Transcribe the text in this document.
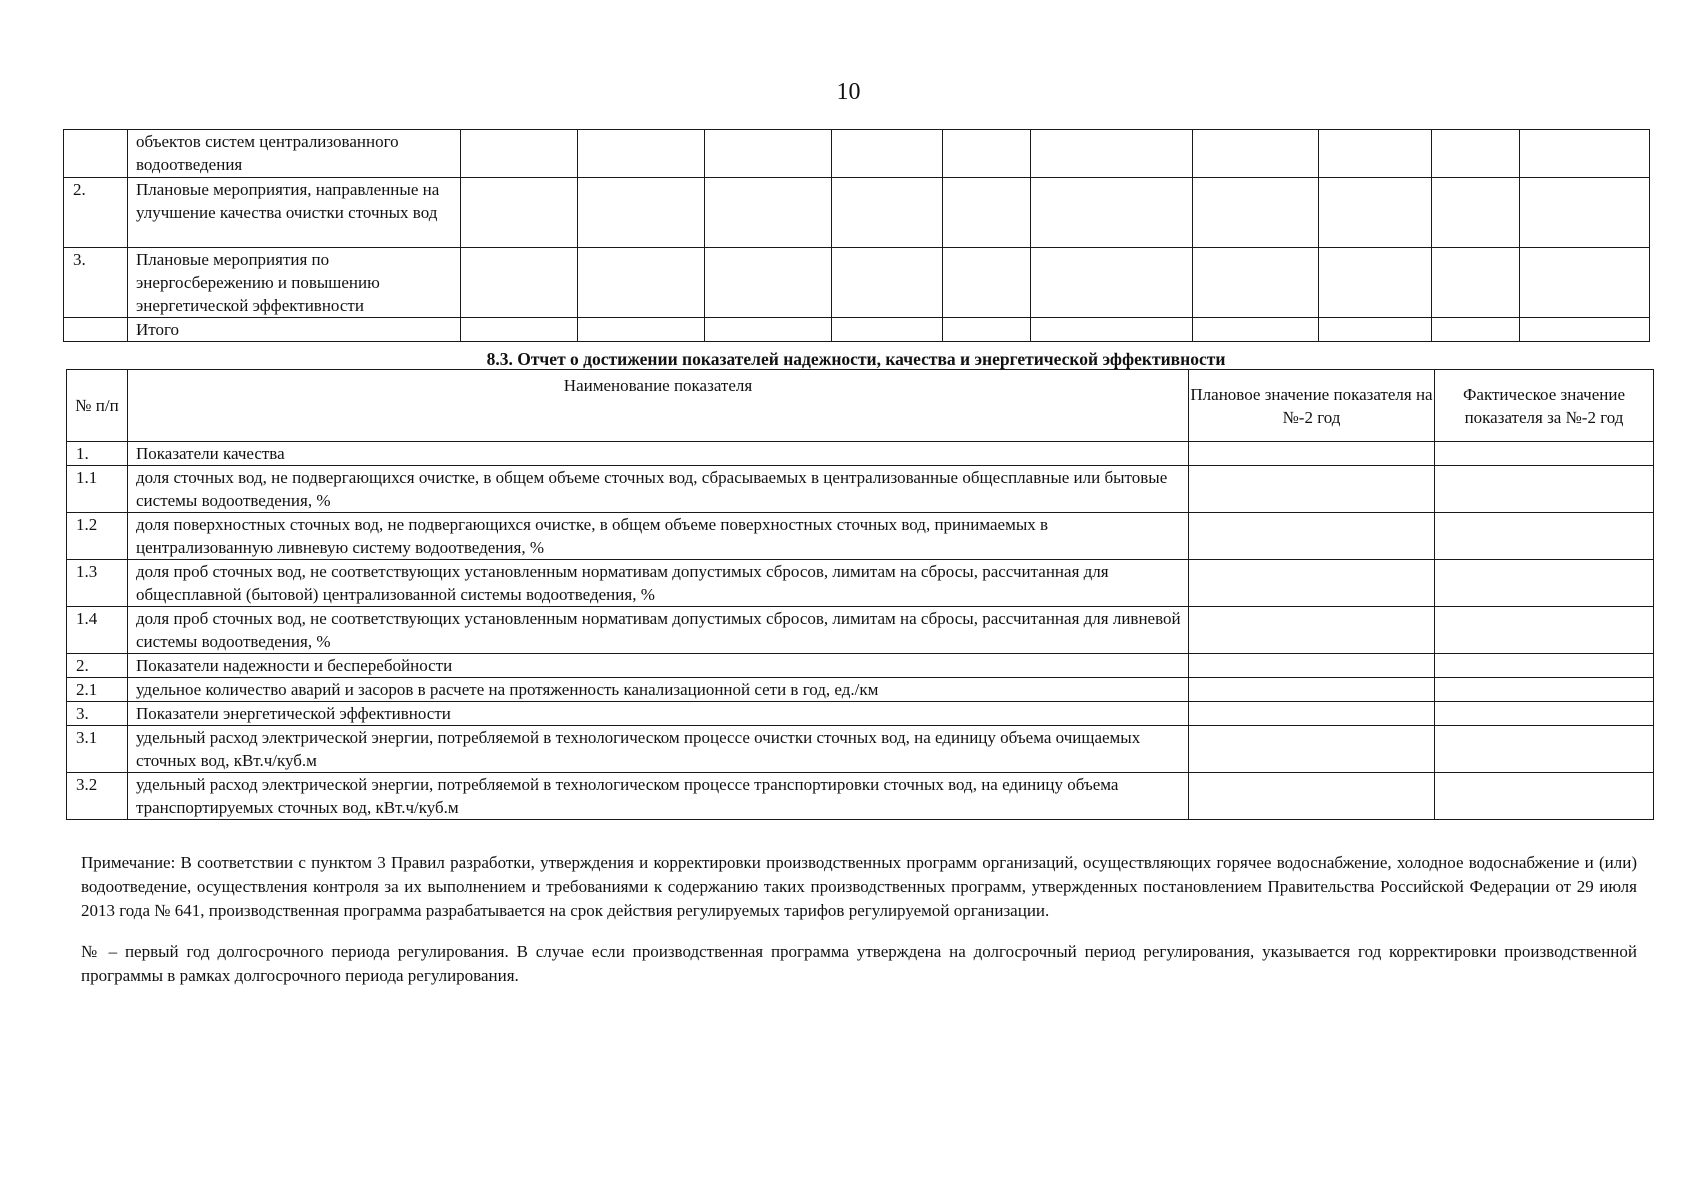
10
	объектов систем централизованного водоотведения										
2.	Плановые мероприятия, направленные на улучшение качества очистки сточных вод										
3.	Плановые мероприятия по энергосбережению и повышению энергетической эффективности										
	Итого										
8.3. Отчет о достижении показателей надежности, качества и энергетической эффективности
№ п/п	Наименование показателя	Плановое значение показателя на №-2 год	Фактическое значение показателя за №-2 год
1.	Показатели качества		
1.1	доля сточных вод, не подвергающихся очистке, в общем объеме сточных вод, сбрасываемых в централизованные общесплавные или бытовые системы водоотведения, %		
1.2	доля поверхностных сточных вод, не подвергающихся очистке, в общем объеме поверхностных сточных вод, принимаемых в централизованную ливневую систему водоотведения, %		
1.3	доля проб сточных вод, не соответствующих установленным нормативам допустимых сбросов, лимитам на сбросы, рассчитанная для общесплавной (бытовой) централизованной системы водоотведения, %		
1.4	доля проб сточных вод, не соответствующих установленным нормативам допустимых сбросов, лимитам на сбросы, рассчитанная для ливневой системы водоотведения, %		
2.	Показатели надежности и бесперебойности		
2.1	удельное количество аварий и засоров в расчете на протяженность канализационной сети в год, ед./км		
3.	Показатели энергетической эффективности		
3.1	удельный расход электрической энергии, потребляемой в технологическом процессе очистки сточных вод, на единицу объема очищаемых сточных вод, кВт.ч/куб.м		
3.2	удельный расход электрической энергии, потребляемой в технологическом процессе транспортировки сточных вод, на единицу объема транспортируемых сточных вод, кВт.ч/куб.м		

Примечание: В соответствии с пунктом 3 Правил разработки, утверждения и корректировки производственных программ организаций, осуществляющих горячее водоснабжение, холодное водоснабжение и (или) водоотведение, осуществления контроля за их выполнением и требованиями к содержанию таких производственных программ, утвержденных постановлением Правительства Российской Федерации от 29 июля 2013 года № 641, производственная программа разрабатывается на срок действия регулируемых тарифов регулируемой организации.

№ – первый год долгосрочного периода регулирования. В случае если производственная программа утверждена на долгосрочный период регулирования, указывается год корректировки производственной программы в рамках долгосрочного периода регулирования.
